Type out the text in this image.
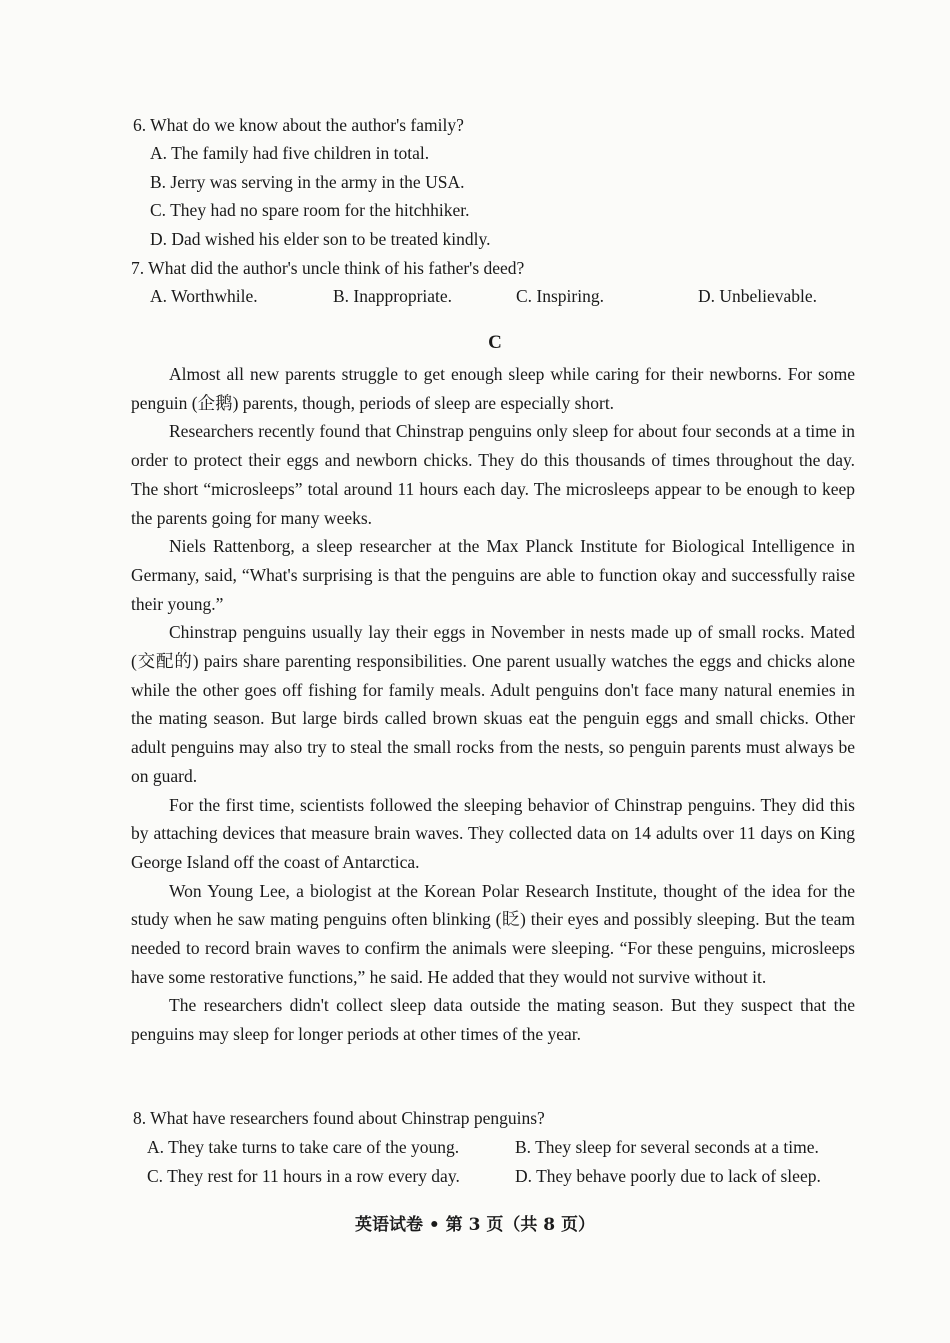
6. What do we know about the author's family?
A. The family had five children in total.
B. Jerry was serving in the army in the USA.
C. They had no spare room for the hitchhiker.
D. Dad wished his elder son to be treated kindly.
7. What did the author's uncle think of his father's deed?
A. Worthwhile.	B. Inappropriate.	C. Inspiring.	D. Unbelievable.
C

Almost all new parents struggle to get enough sleep while caring for their newborns. For some penguin (企鹅) parents, though, periods of sleep are especially short.

Researchers recently found that Chinstrap penguins only sleep for about four seconds at a time in order to protect their eggs and newborn chicks. They do this thousands of times throughout the day. The short “microsleeps” total around 11 hours each day. The microsleeps appear to be enough to keep the parents going for many weeks.

Niels Rattenborg, a sleep researcher at the Max Planck Institute for Biological Intelligence in Germany, said, “What's surprising is that the penguins are able to function okay and successfully raise their young.”

Chinstrap penguins usually lay their eggs in November in nests made up of small rocks. Mated (交配的) pairs share parenting responsibilities. One parent usually watches the eggs and chicks alone while the other goes off fishing for family meals. Adult penguins don't face many natural enemies in the mating season. But large birds called brown skuas eat the penguin eggs and small chicks. Other adult penguins may also try to steal the small rocks from the nests, so penguin parents must always be on guard.

For the first time, scientists followed the sleeping behavior of Chinstrap penguins. They did this by attaching devices that measure brain waves. They collected data on 14 adults over 11 days on King George Island off the coast of Antarctica.

Won Young Lee, a biologist at the Korean Polar Research Institute, thought of the idea for the study when he saw mating penguins often blinking (眨) their eyes and possibly sleeping. But the team needed to record brain waves to confirm the animals were sleeping. “For these penguins, microsleeps have some restorative functions,” he said. He added that they would not survive without it.

The researchers didn't collect sleep data outside the mating season. But they suspect that the penguins may sleep for longer periods at other times of the year.

8. What have researchers found about Chinstrap penguins?
A. They take turns to take care of the young.	B. They sleep for several seconds at a time.
C. They rest for 11 hours in a row every day.	D. They behave poorly due to lack of sleep.
英语试卷 • 第 3 页（共 8 页）
